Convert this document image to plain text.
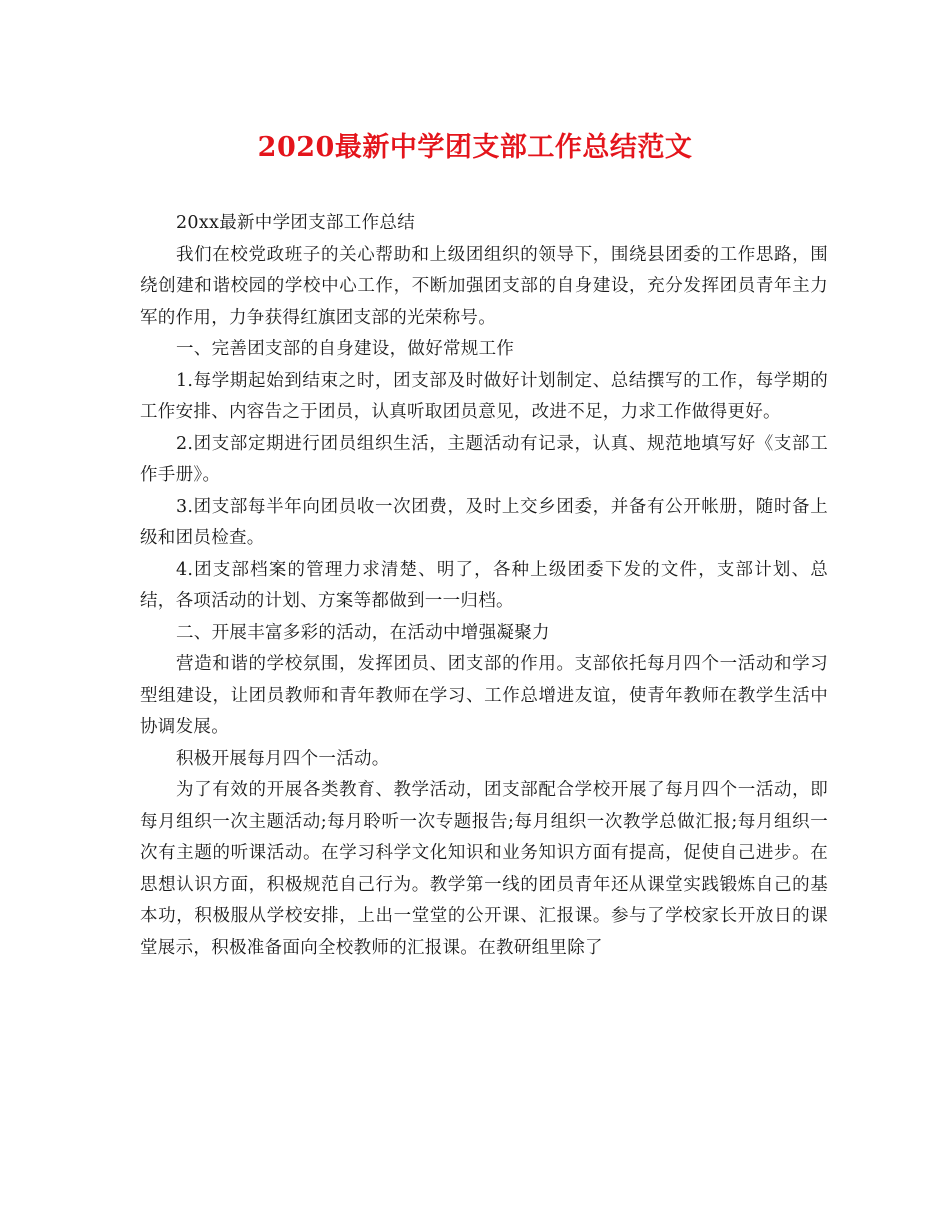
2020最新中学团支部工作总结范文

20xx最新中学团支部工作总结

我们在校党政班子的关心帮助和上级团组织的领导下，围绕县团委的工作思路，围绕创建和谐校园的学校中心工作，不断加强团支部的自身建设，充分发挥团员青年主力军的作用，力争获得红旗团支部的光荣称号。

一、完善团支部的自身建设，做好常规工作

1.每学期起始到结束之时，团支部及时做好计划制定、总结撰写的工作，每学期的工作安排、内容告之于团员，认真听取团员意见，改进不足，力求工作做得更好。

2.团支部定期进行团员组织生活，主题活动有记录，认真、规范地填写好《支部工作手册》。

3.团支部每半年向团员收一次团费，及时上交乡团委，并备有公开帐册，随时备上级和团员检查。

4.团支部档案的管理力求清楚、明了，各种上级团委下发的文件，支部计划、总结，各项活动的计划、方案等都做到一一归档。

二、开展丰富多彩的活动，在活动中增强凝聚力

营造和谐的学校氛围，发挥团员、团支部的作用。支部依托每月四个一活动和学习型组建设，让团员教师和青年教师在学习、工作总增进友谊，使青年教师在教学生活中协调发展。

积极开展每月四个一活动。

为了有效的开展各类教育、教学活动，团支部配合学校开展了每月四个一活动，即每月组织一次主题活动;每月聆听一次专题报告;每月组织一次教学总做汇报;每月组织一次有主题的听课活动。在学习科学文化知识和业务知识方面有提高，促使自己进步。在思想认识方面，积极规范自己行为。教学第一线的团员青年还从课堂实践锻炼自己的基本功，积极服从学校安排，上出一堂堂的公开课、汇报课。参与了学校家长开放日的课堂展示，积极准备面向全校教师的汇报课。在教研组里除了
